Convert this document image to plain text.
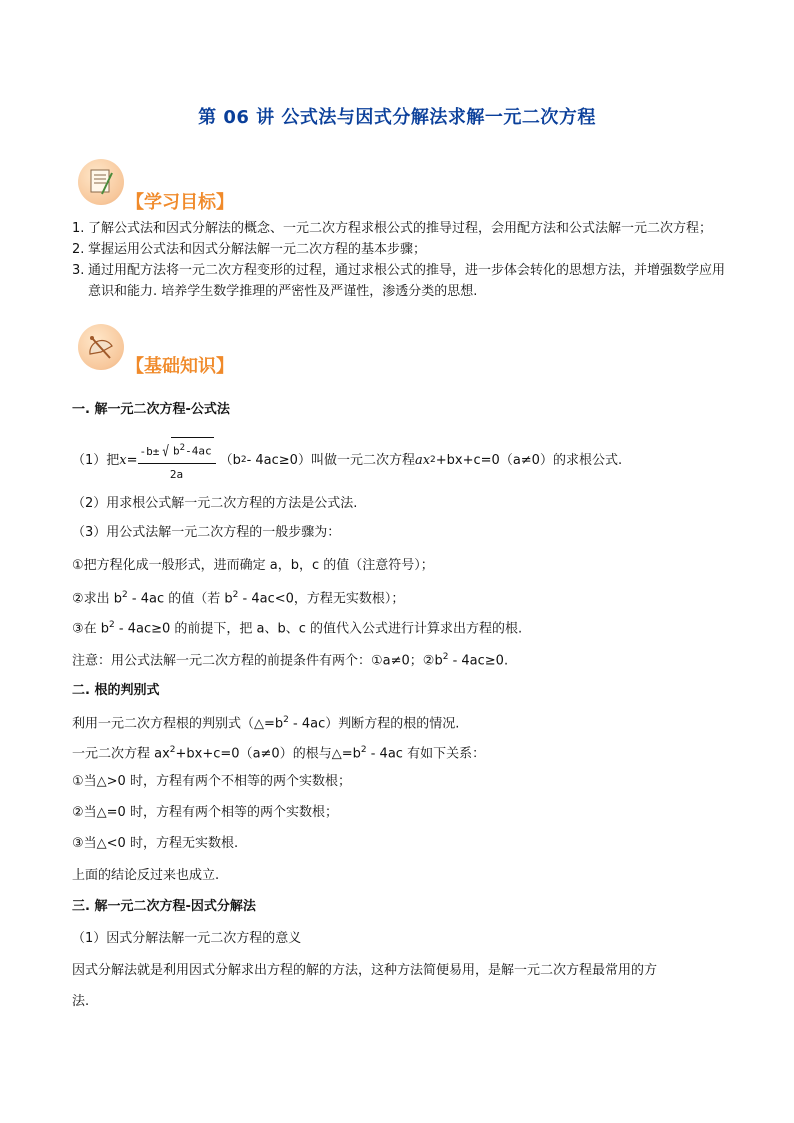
第 06 讲 公式法与因式分解法求解一元二次方程
【学习目标】
1. 了解公式法和因式分解法的概念、一元二次方程求根公式的推导过程，会用配方法和公式法解一元二次方程；
2. 掌握运用公式法和因式分解法解一元二次方程的基本步骤；
3. 通过用配方法将一元二次方程变形的过程，通过求根公式的推导，进一步体会转化的思想方法，并增强数学应用意识和能力. 培养学生数学推理的严密性及严谨性，渗透分类的思想.
【基础知识】
一. 解一元二次方程-公式法
（1）把 $x = \frac{-b\pm √ b^2-4ac}{2a} (b$ 2 - 4ac≥0）叫做一元二次方程 ax 2 +bx+c=0（a≠0）的求根公式.
（2）用求根公式解一元二次方程的方法是公式法.
（3）用公式法解一元二次方程的一般步骤为：
①把方程化成一般形式，进而确定 a，b，c 的值（注意符号）；
②求出 $b^2 - 4ac$ 的值（若 $b^2 - 4ac<0$，方程无实数根）；
③在 $b^2 - 4ac\ge 0$ 的前提下，把 a、b、c 的值代入公式进行计算求出方程的根.
注意：用公式法解一元二次方程的前提条件有两个：①a≠0；$②b^2 - 4ac\ge 0$.
二. 根的判别式
利用一元二次方程根的判别式$(\triangle=b^2 - 4ac)$判断方程的根的情况.
一元二次方程 $ax^2+bx+c=0(a\ne 0)$的根与$\triangle=b^2 - 4ac$ 有如下关系：
①当△>0 时，方程有两个不相等的两个实数根；
②当△=0 时，方程有两个相等的两个实数根；
③当△<0 时，方程无实数根.
上面的结论反过来也成立.
三. 解一元二次方程-因式分解法
（1）因式分解法解一元二次方程的意义
因式分解法就是利用因式分解求出方程的解的方法，这种方法简便易用，是解一元二次方程最常用的方
法.
